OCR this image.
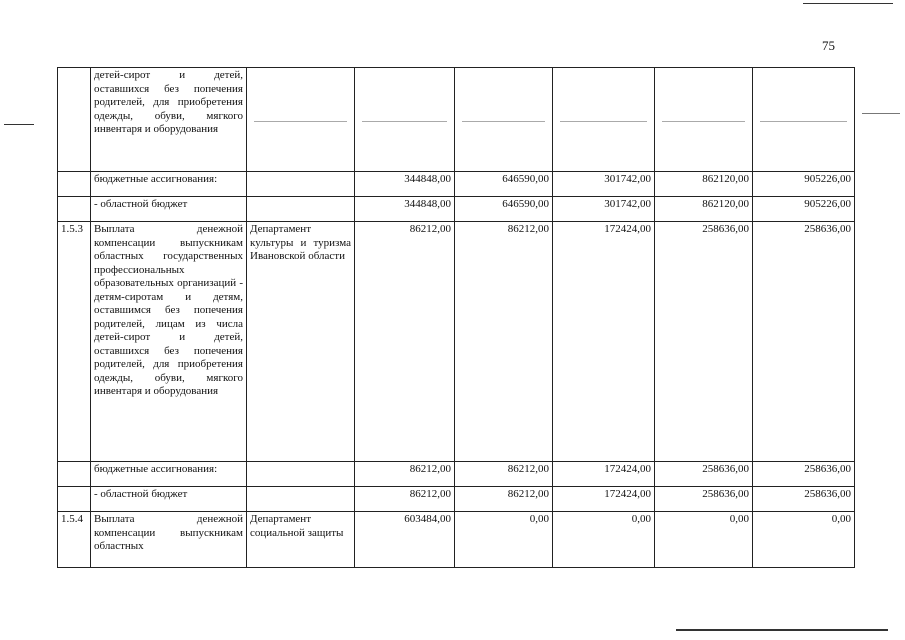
75
	детей-сирот и детей, оставшихся без попечения родителей, для приобретения одежды, обуви, мягкого инвентаря и оборудования	

	бюджетные ассигнования:		344848,00	646590,00	301742,00	862120,00	905226,00
	- областной бюджет		344848,00	646590,00	301742,00	862120,00	905226,00
1.5.3	Выплата денежной компенсации выпускникам областных государственных профессиональных образовательных организаций - детям-сиротам и детям, оставшимся без попечения родителей, лицам из числа детей-сирот и детей, оставшихся без попечения родителей, для приобретения одежды, обуви, мягкого инвентаря и оборудования	Департамент культуры и туризма Ивановской области	86212,00	86212,00	172424,00	258636,00	258636,00
	бюджетные ассигнования:		86212,00	86212,00	172424,00	258636,00	258636,00
	- областной бюджет		86212,00	86212,00	172424,00	258636,00	258636,00
1.5.4	Выплата денежной компенсации выпускникам областных	Департамент социальной защиты	603484,00	0,00	0,00	0,00	0,00
